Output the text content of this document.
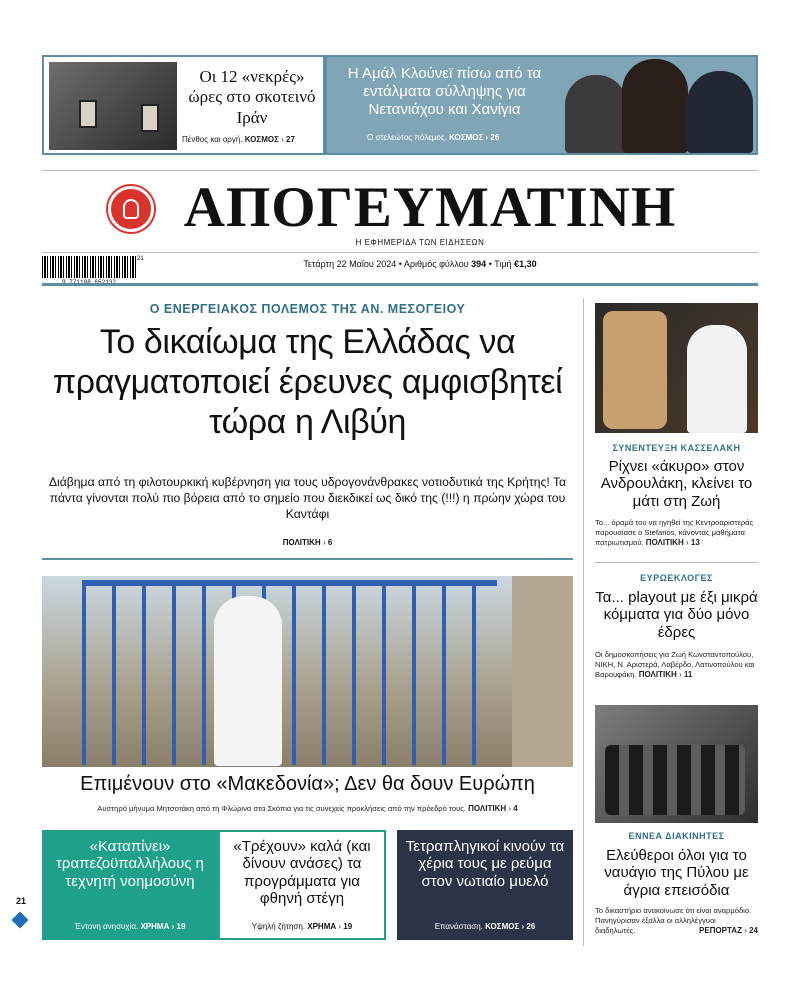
Οι 12 «νεκρές» ώρες στο σκοτεινό Ιράν
Πένθος και οργή. ΚΟΣΜΟΣ › 27
Η Αμάλ Κλούνεϊ πίσω από τα εντάλματα σύλληψης για Νετανιάχου και Χανίγια
Ο στελεώτος πόλεμος. ΚΟΣΜΟΣ › 26
ΑΠΟΓΕΥΜΑΤΙΝΗ
Η ΕΦΗΜΕΡΙΔΑ ΤΩΝ ΕΙΔΗΣΕΩΝ
21	Τετάρτη 22 Μαΐου 2024 • Αριθμός φύλλου 394 • Τιμή €1,30
Ο ΕΝΕΡΓΕΙΑΚΟΣ ΠΟΛΕΜΟΣ ΤΗΣ ΑΝ. ΜΕΣΟΓΕΙΟΥ
Το δικαίωμα της Ελλάδας να πραγματοποιεί έρευνες αμφισβητεί τώρα η Λιβύη
Διάβημα από τη φιλοτουρκική κυβέρνηση για τους υδρογονάνθρακες νοτιοδυτικά της Κρήτης! Τα πάντα γίνονται πολύ πιο βόρεια από το σημείο που διεκδικεί ως δικό της (!!!) η πρώην χώρα του Καντάφι
ΠΟΛΙΤΙΚΗ › 6
Επιμένουν στο «Μακεδονία»; Δεν θα δουν Ευρώπη
Αυστηρό μήνυμα Μητσοτάκη από τη Φλώρινα στα Σκόπια για τις συνεχείς προκλήσεις από την πρόεδρό τους. ΠΟΛΙΤΙΚΗ › 4
ΣΥΝΕΝΤΕΥΞΗ ΚΑΣΣΕΛΑΚΗ
Ρίχνει «άκυρο» στον Ανδρουλάκη, κλείνει το μάτι στη Ζωή
Το... όραμά του να ηγηθεί της Κεντροαριστεράς παρουσίασε ο Stefanos, κάνοντας μαθήματα πατριωτισμού. ΠΟΛΙΤΙΚΗ › 13
ΕΥΡΩΕΚΛΟΓΕΣ
Τα... playout με έξι μικρά κόμματα για δύο μόνο έδρες
Οι δημοσκοπήσεις για Ζωή Κωνσταντοπούλου, ΝΙΚΗ, Ν. Αριστερά, Λαβέρδο, Λατινοπούλου και Βαρουφάκη. ΠΟΛΙΤΙΚΗ › 11
ΕΝΝΕΑ ΔΙΑΚΙΝΗΤΕΣ
Ελεύθεροι όλοι για το ναυάγιο της Πύλου με άγρια επεισόδια
Το δικαστήριο ανακοίνωσε ότι είναι αναρμόδιο. Πανηγύρισαν έξαλλα οι αλληλέγγυοι διαδηλωτές.	ΡΕΠΟΡΤΑΖ › 24
«Καταπίνει» τραπεζοϋπαλλήλους η τεχνητή νοημοσύνη
Έντονη ανησυχία. ΧΡΗΜΑ › 19
«Τρέχουν» καλά (και δίνουν ανάσες) τα προγράμματα για φθηνή στέγη
Υψηλή ζήτηση. ΧΡΗΜΑ › 19
Τετραπληγικοί κινούν τα χέρια τους με ρεύμα στον νωτιαίο μυελό
Επανάσταση. ΚΟΣΜΟΣ › 26
21
